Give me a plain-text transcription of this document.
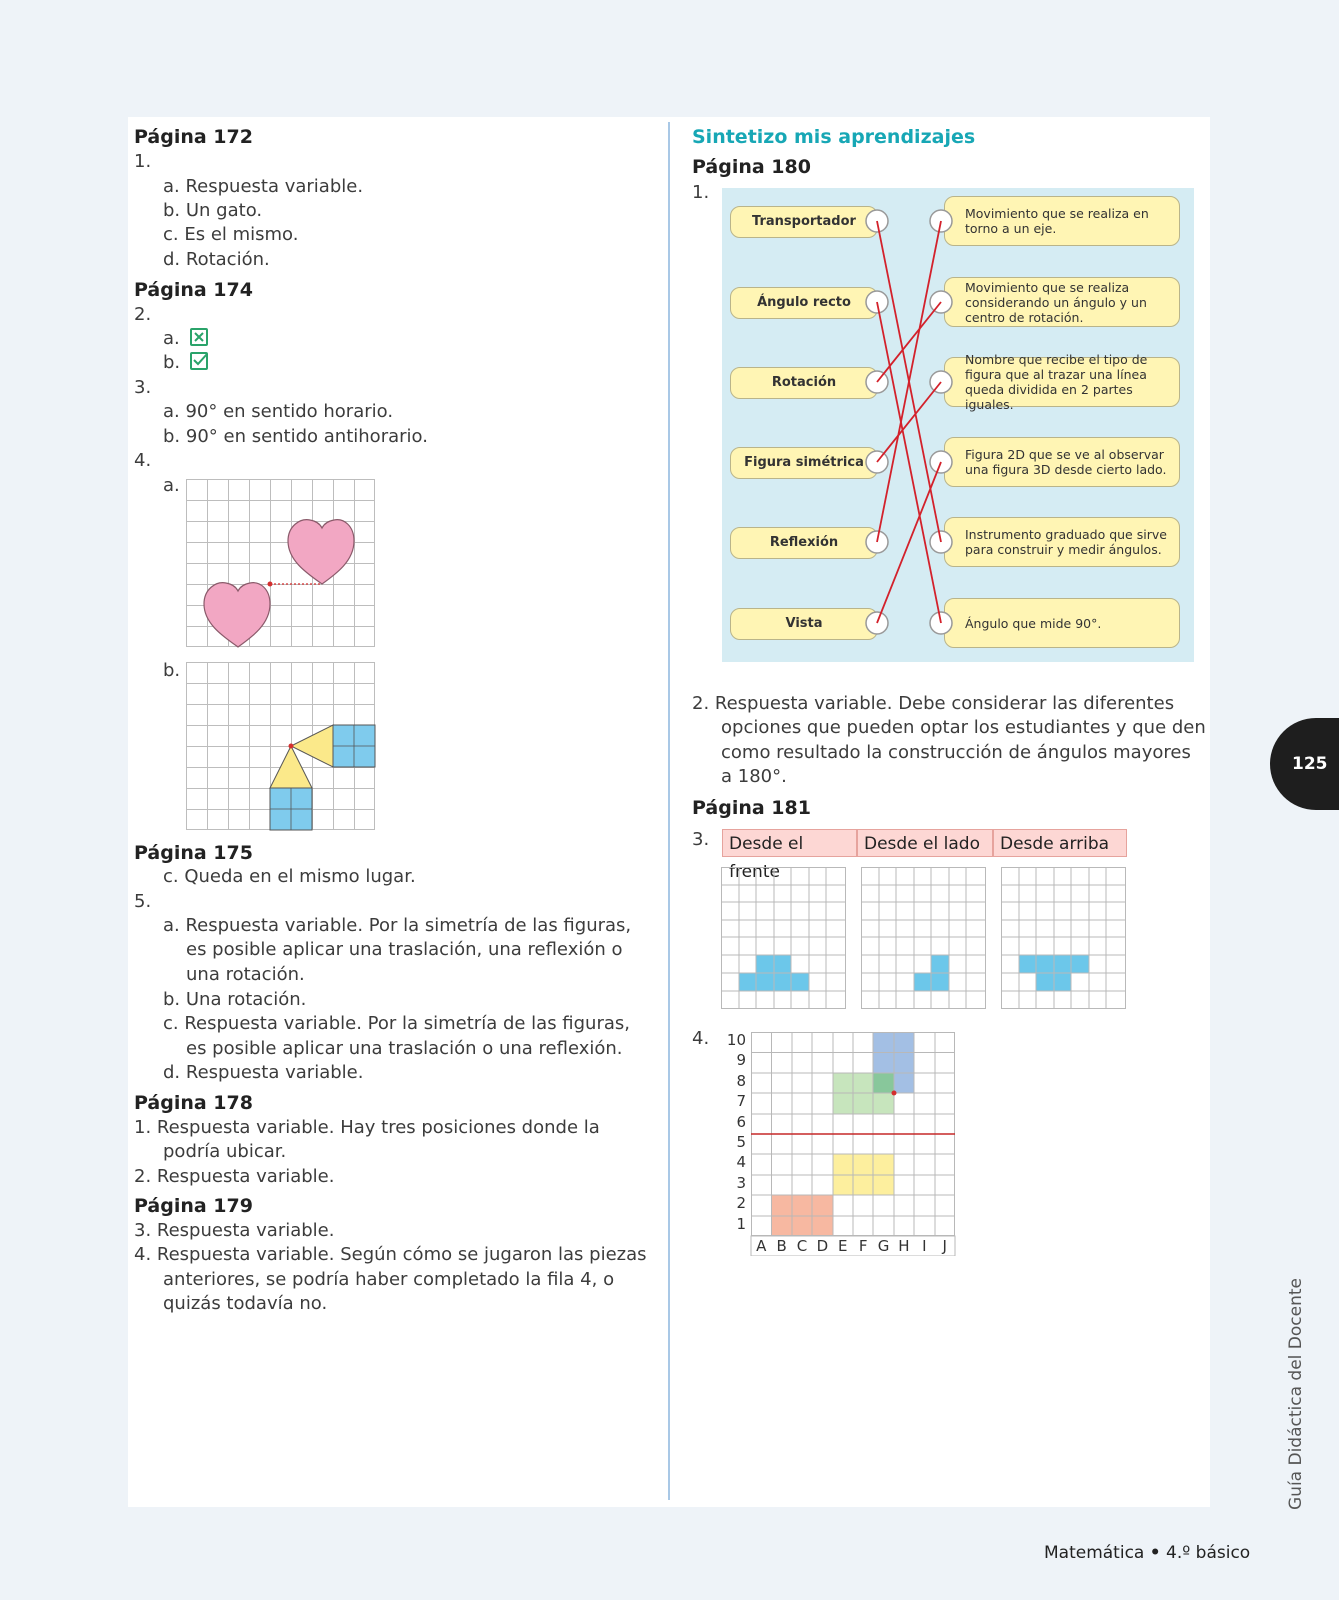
Página 172
1.
a. Respuesta variable.
b. Un gato.
c. Es el mismo.
d. Rotación.
Página 174
2.
a.
b.
3.
a. 90° en sentido horario.
b. 90° en sentido antihorario.
4.
a.
b.
Página 175
c. Queda en el mismo lugar.
5.
a. Respuesta variable. Por la simetría de las figuras,
es posible aplicar una traslación, una reflexión o
una rotación.
b. Una rotación.
c. Respuesta variable. Por la simetría de las figuras,
es posible aplicar una traslación o una reflexión.
d. Respuesta variable.
Página 178
1. Respuesta variable. Hay tres posiciones donde la
podría ubicar.
2. Respuesta variable.
Página 179
3. Respuesta variable.
4. Respuesta variable. Según cómo se jugaron las piezas
anteriores, se podría haber completado la fila 4, o
quizás todavía no.
Sintetizo mis aprendizajes
Página 180
1.
Transportador
Ángulo recto
Rotación
Figura simétrica
Reflexión
Vista
Movimiento que se realiza en torno a un eje.
Movimiento que se realiza considerando un ángulo y un centro de rotación.
Nombre que recibe el tipo de figura que al trazar una línea queda dividida en 2 partes iguales.
Figura 2D que se ve al observar una figura 3D desde cierto lado.
Instrumento graduado que sirve para construir y medir ángulos.
Ángulo que mide 90°.
2. Respuesta variable. Debe considerar las diferentes
opciones que pueden optar los estudiantes y que den
como resultado la construcción de ángulos mayores
a 180°.
Página 181
3.	Desde el frente
Desde el lado	Desde arriba
4.	10
9
8
7
6
5
4
3
2
1
A B C D E F G H I	J
125
Guía Didáctica del Docente
Matemática • 4.º básico
